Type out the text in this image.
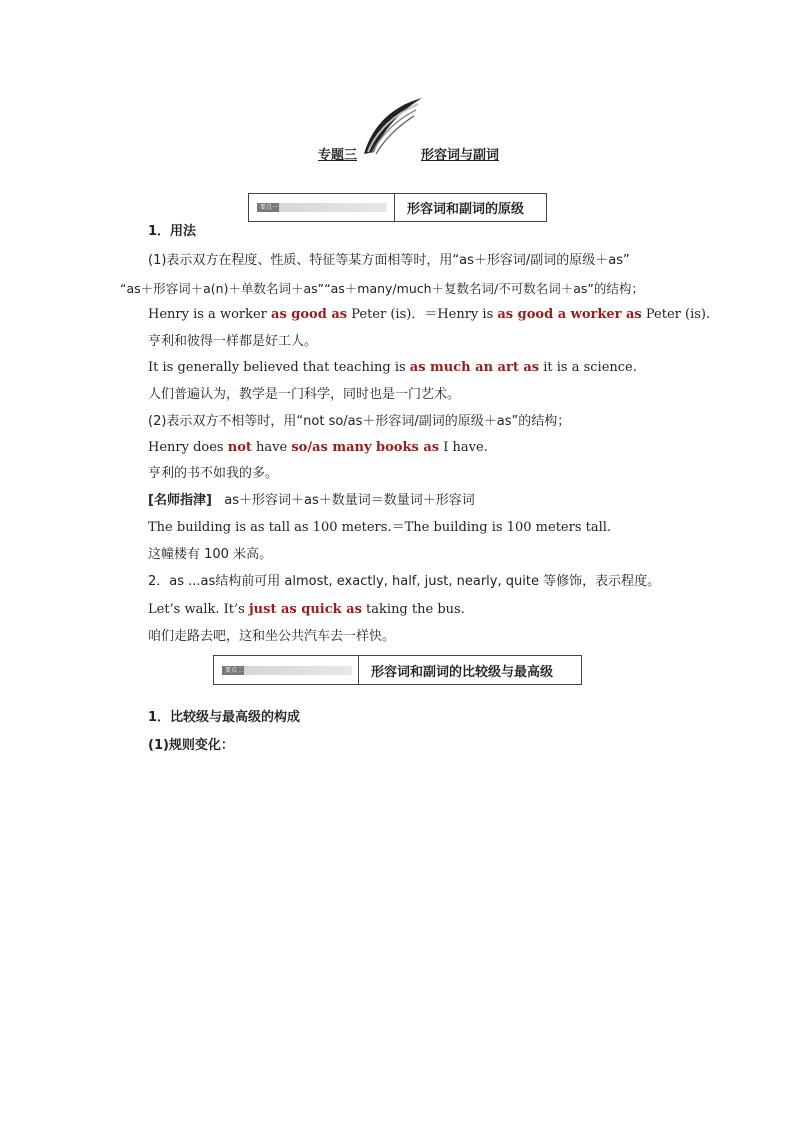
专题三	形容词与副词
要点一	形容词和副词的原级
1．用法
(1)表示双方在程度、性质、特征等某方面相等时，用“as＋形容词/副词的原级＋as”
“as＋形容词＋a(n)＋单数名词＋as”“as＋many/much＋复数名词/不可数名词＋as”的结构；
Henry is a worker as good as Peter (is)．＝Henry is as good a worker as Peter (is).
亨利和彼得一样都是好工人。
It is generally believed that teaching is as much an art as it is a science.
人们普遍认为，教学是一门科学，同时也是一门艺术。
(2)表示双方不相等时，用“not so/as＋形容词/副词的原级＋as”的结构；
Henry does not have so/as many books as I have.
亨利的书不如我的多。
[名师指津] as＋形容词＋as＋数量词＝数量词＋形容词
The building is as tall as 100 meters.＝The building is 100 meters tall.
这幢楼有 100 米高。
2．as ...as结构前可用 almost, exactly, half, just, nearly, quite 等修饰，表示程度。
Let’s walk. It’s just as quick as taking the bus.
咱们走路去吧，这和坐公共汽车去一样快。
要点二	形容词和副词的比较级与最高级
1．比较级与最高级的构成
(1)规则变化：
